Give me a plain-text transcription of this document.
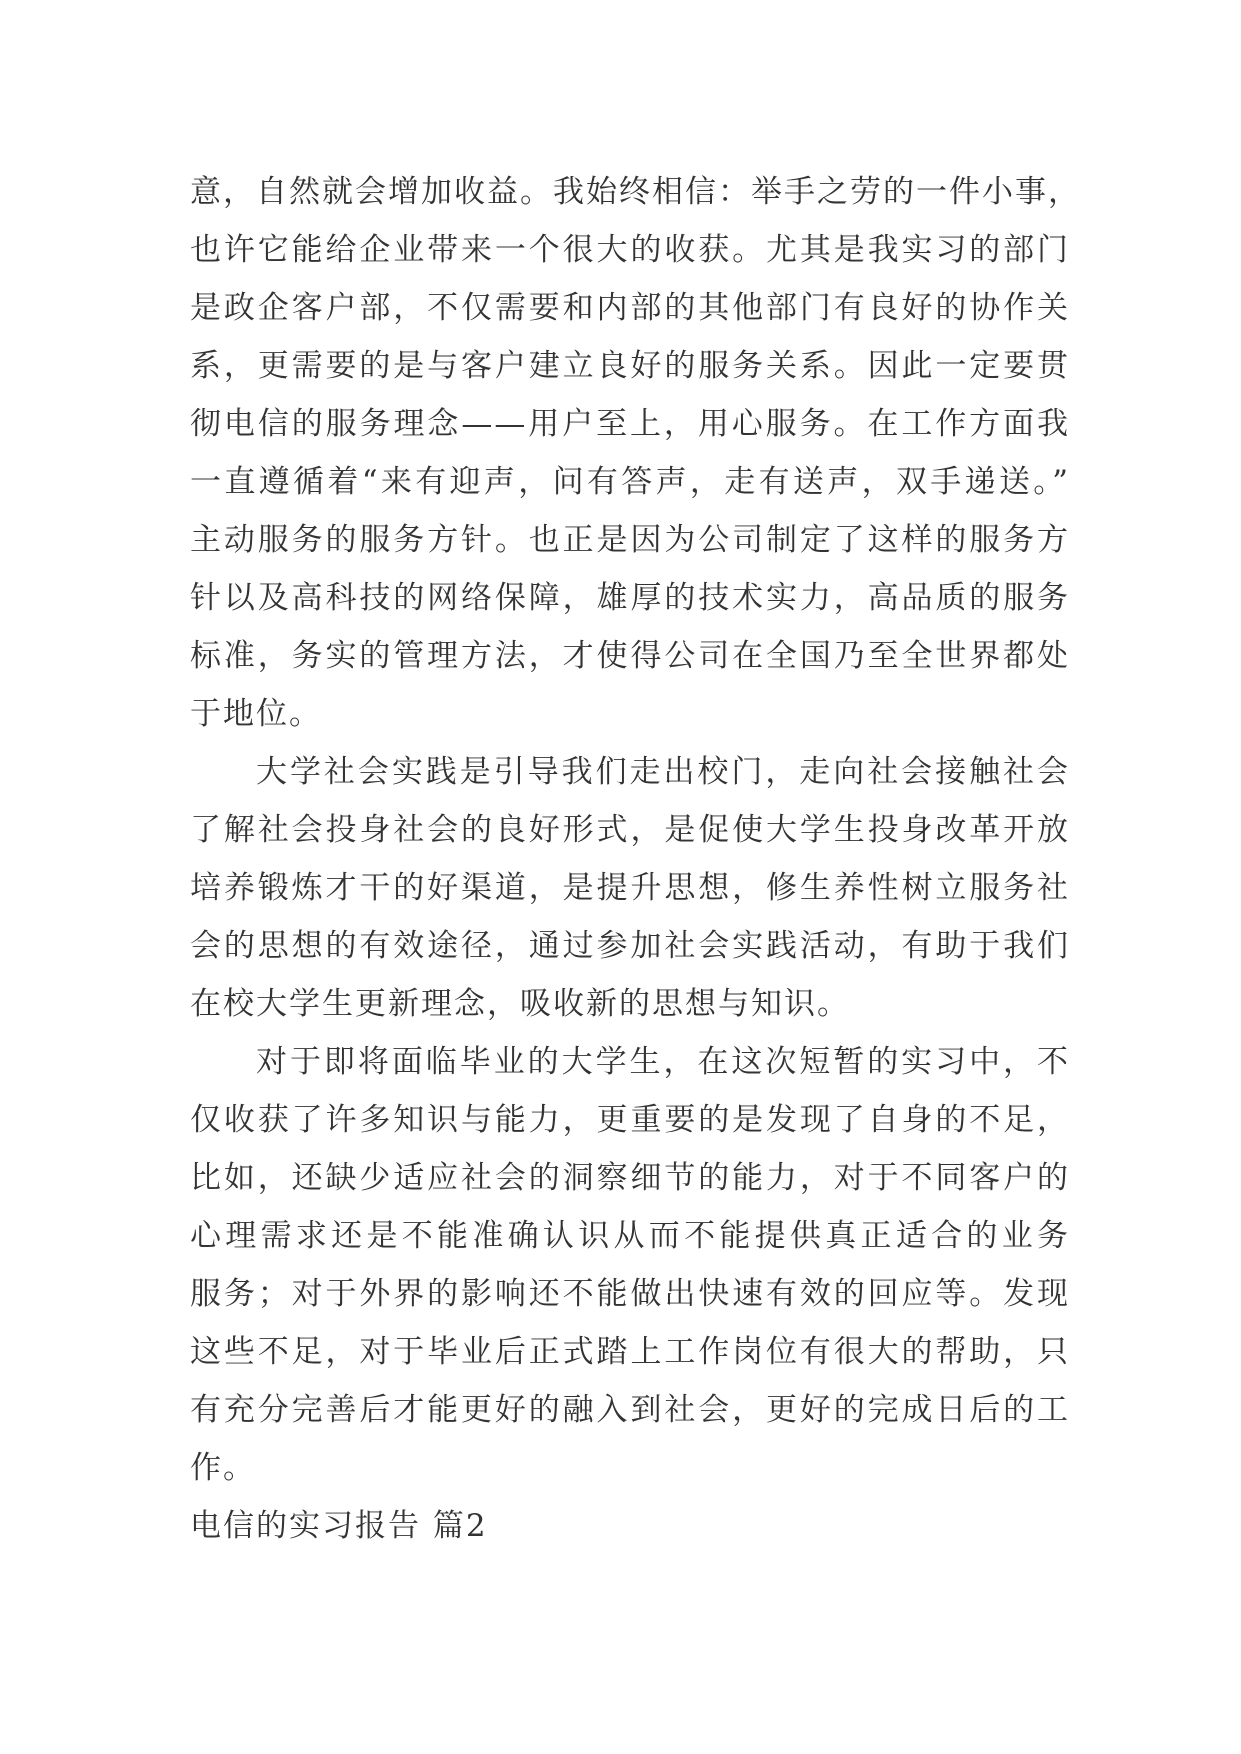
意，自然就会增加收益。我始终相信：举手之劳的一件小事，
也许它能给企业带来一个很大的收获。尤其是我实习的部门
是政企客户部，不仅需要和内部的其他部门有良好的协作关
系，更需要的是与客户建立良好的服务关系。因此一定要贯
彻电信的服务理念——用户至上，用心服务。在工作方面我
一直遵循着“来有迎声，问有答声，走有送声，双手递送。”
主动服务的服务方针。也正是因为公司制定了这样的服务方
针以及高科技的网络保障，雄厚的技术实力，高品质的服务
标准，务实的管理方法，才使得公司在全国乃至全世界都处
于地位。
大学社会实践是引导我们走出校门，走向社会接触社会
了解社会投身社会的良好形式，是促使大学生投身改革开放
培养锻炼才干的好渠道，是提升思想，修生养性树立服务社
会的思想的有效途径，通过参加社会实践活动，有助于我们
在校大学生更新理念，吸收新的思想与知识。
对于即将面临毕业的大学生，在这次短暂的实习中，不
仅收获了许多知识与能力，更重要的是发现了自身的不足，
比如，还缺少适应社会的洞察细节的能力，对于不同客户的
心理需求还是不能准确认识从而不能提供真正适合的业务
服务；对于外界的影响还不能做出快速有效的回应等。发现
这些不足，对于毕业后正式踏上工作岗位有很大的帮助，只
有充分完善后才能更好的融入到社会，更好的完成日后的工
作。
电信的实习报告 篇2
